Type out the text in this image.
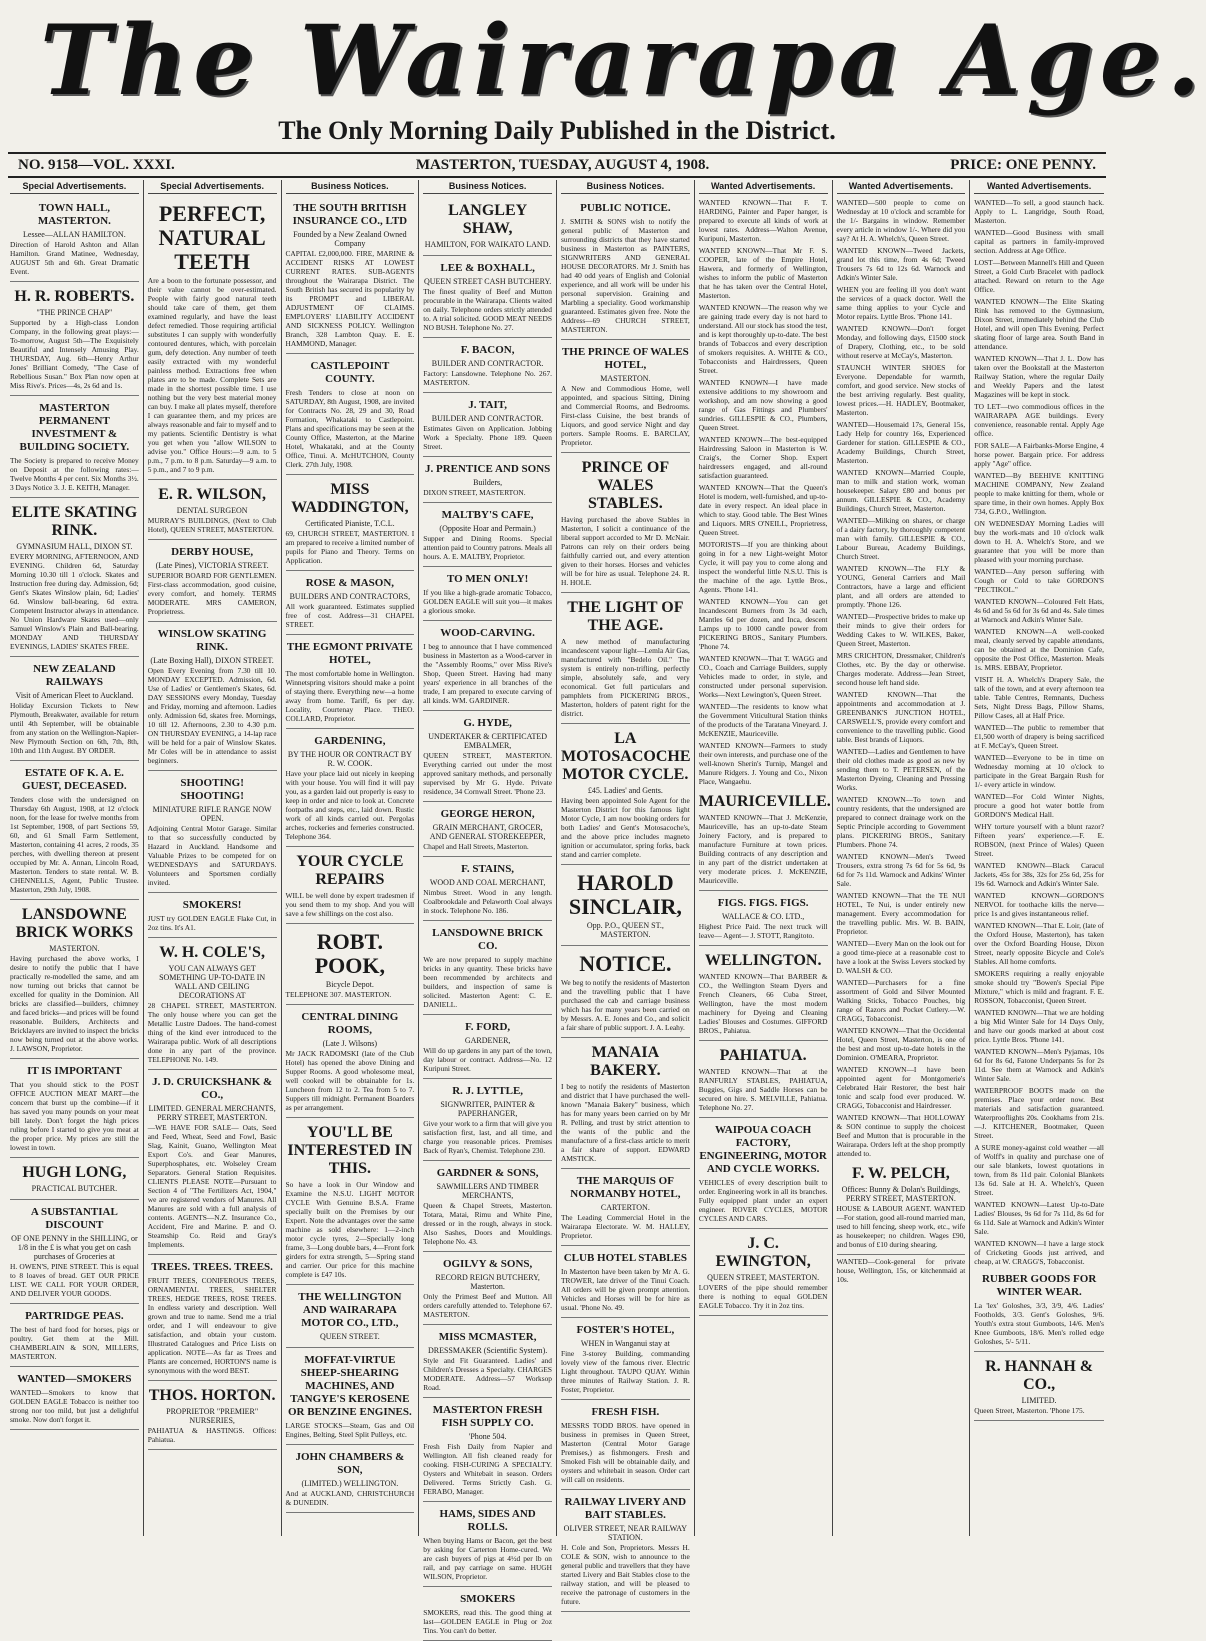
The Wairarapa Age.
The Only Morning Daily Published in the District.
NO. 9158—VOL. XXXI.	MASTERTON, TUESDAY, AUGUST 4, 1908.	PRICE: ONE PENNY.
Special Advertisements.
TOWN HALL, MASTERTON.
Lessee—ALLAN HAMILTON.
Direction of Harold Ashton and Allan Hamilton. Grand Matinee, Wednesday, AUGUST 5th and 6th. Great Dramatic Event.
H. R. ROBERTS.
"THE PRINCE CHAP"
Supported by a High-class London Company, in the following great plays:— To-morrow, August 5th—The Exquisitely Beautiful and Intensely Amusing Play. THURSDAY, Aug. 6th—Henry Arthur Jones' Brilliant Comedy, "The Case of Rebellious Susan." Box Plan now open at Miss Rive's. Prices—4s, 2s 6d and 1s.
MASTERTON PERMANENT INVESTMENT & BUILDING SOCIETY.
The Society is prepared to receive Money on Deposit at the following rates:— Twelve Months 4 per cent. Six Months 3½. 3 Days Notice 3. J. E. KEITH, Manager.
ELITE SKATING RINK.
GYMNASIUM HALL, DIXON ST.
EVERY MORNING, AFTERNOON, AND EVENING. Children 6d, Saturday Morning 10.30 till 1 o'clock. Skates and Instruction free during day. Admission, 6d; Gent's Skates Winslow plain, 6d; Ladies' 6d. Winslow ball-bearing, 6d extra. Competent Instructor always in attendance. No Union Hardware Skates used—only Samuel Winslow's Plain and Ball-bearing. MONDAY AND THURSDAY EVENINGS, LADIES' SKATES FREE.
NEW ZEALAND RAILWAYS
Visit of American Fleet to Auckland.
Holiday Excursion Tickets to New Plymouth, Breakwater, available for return until 4th September, will be obtainable from any station on the Wellington-Napier-New Plymouth Section on 6th, 7th, 8th, 10th and 11th August. BY ORDER.
ESTATE OF K. A. E. GUEST, DECEASED.
Tenders close with the undersigned on Thursday 6th August, 1908, at 12 o'clock noon, for the lease for twelve months from 1st September, 1908, of part Sections 59, 60, and 61 Small Farm Settlement, Masterton, containing 41 acres, 2 roods, 35 perches, with dwelling thereon at present occupied by Mr. A. Annan, Lincoln Road, Masterton. Tenders to state rental. W. B. CHENNELLS, Agent, Public Trustee. Masterton, 29th July, 1908.
LANSDOWNE BRICK WORKS
MASTERTON.
Having purchased the above works, I desire to notify the public that I have practically re-modelled the same, and am now turning out bricks that cannot be excelled for quality in the Dominion. All bricks are classified—builders, chimney and faced bricks—and prices will be found reasonable. Builders, Architects and Bricklayers are invited to inspect the bricks now being turned out at the above works. J. LAWSON, Proprietor.
IT IS IMPORTANT
That you should stick to the POST OFFICE AUCTION MEAT MART—the concern that burst up the combine—if it has saved you many pounds on your meat bill lately. Don't forget the high prices ruling before I started to give you meat at the proper price. My prices are still the lowest in town.
HUGH LONG,
PRACTICAL BUTCHER.
A SUBSTANTIAL DISCOUNT
OF ONE PENNY in the SHILLING, or 1/8 in the £ is what you get on cash purchases of Groceries at
H. OWEN'S, PINE STREET. This is equal to 8 loaves of bread. GET OUR PRICE LIST. WE CALL FOR YOUR ORDER, AND DELIVER YOUR GOODS.
PARTRIDGE PEAS.
The best of hard food for horses, pigs or poultry. Get them at the Mill. CHAMBERLAIN & SON, MILLERS, MASTERTON.
WANTED—SMOKERS
WANTED—Smokers to know that GOLDEN EAGLE Tobacco is neither too strong nor too mild, but just a delightful smoke. Now don't forget it.
Special Advertisements.
PERFECT, NATURAL TEETH
Are a boon to the fortunate possessor, and their value cannot be over-estimated. People with fairly good natural teeth should take care of them, get them examined regularly, and have the least defect remedied. Those requiring artificial substitutes I can supply with wonderfully contoured dentures, which, with porcelain gum, defy detection. Any number of teeth easily extracted with my wonderful painless method. Extractions free when plates are to be made. Complete Sets are made in the shortest possible time. I use nothing but the very best material money can buy. I make all plates myself, therefore I can guarantee them, and my prices are always reasonable and fair to myself and to my patients. Scientific Dentistry is what you get when you "allow WILSON to advise you." Office Hours:—9 a.m. to 5 p.m., 7 p.m. to 8 p.m. Saturday—9 a.m. to 5 p.m., and 7 to 9 p.m.
E. R. WILSON,
DENTAL SURGEON
MURRAY'S BUILDINGS, (Next to Club Hotel), QUEEN STREET, MASTERTON.
DERBY HOUSE,
(Late Pines), VICTORIA STREET.
SUPERIOR BOARD FOR GENTLEMEN. First-class accommodation, good cuisine, every comfort, and homely. TERMS MODERATE. MRS CAMERON, Proprietress.
WINSLOW SKATING RINK.
(Late Boxing Hall), DIXON STREET.
Open Every Evening from 7.30 till 10. MONDAY EXCEPTED. Admission, 6d. Use of Ladies' or Gentlemen's Skates, 6d. DAY SESSIONS every Monday, Tuesday and Friday, morning and afternoon. Ladies only. Admission 6d, skates free. Mornings, 10 till 12. Afternoons, 2.30 to 4.30 p.m. ON THURSDAY EVENING, a 14-lap race will be held for a pair of Winslow Skates. Mr Coles will be in attendance to assist beginners.
SHOOTING! SHOOTING!
MINIATURE RIFLE RANGE NOW OPEN.
Adjoining Central Motor Garage. Similar to that so successfully conducted by Hazard in Auckland. Handsome and Valuable Prizes to be competed for on WEDNESDAYS and SATURDAYS. Volunteers and Sportsmen cordially invited.
SMOKERS!
JUST try GOLDEN EAGLE Flake Cut, in 2oz tins. It's A1.
W. H. COLE'S,
YOU CAN ALWAYS GET SOMETHING UP-TO-DATE IN WALL AND CEILING DECORATIONS AT
28 CHAPEL STREET, MASTERTON. The only house where you can get the Metallic Lustre Dadoes. The hand-comest thing of the kind ever introduced to the Wairarapa public. Work of all descriptions done in any part of the province. TELEPHONE No. 149.
J. D. CRUICKSHANK & CO.,
LIMITED. GENERAL MERCHANTS, PERRY STREET, MASTERTON.
—WE HAVE FOR SALE— Oats, Seed and Feed, Wheat, Seed and Fowl, Basic Slag, Kainit, Guano, Wellington Meat Export Co's. and Gear Manures, Superphosphates, etc. Wolseley Cream Separators. General Station Requisites. CLIENTS PLEASE NOTE—Pursuant to Section 4 of "The Fertilizers Act, 1904," we are registered vendors of Manures. All Manures are sold with a full analysis of contents. AGENTS—N.Z. Insurance Co., Accident, Fire and Marine. P. and O. Steamship Co. Reid and Gray's Implements.
TREES. TREES. TREES.
FRUIT TREES, CONIFEROUS TREES, ORNAMENTAL TREES, SHELTER TREES, HEDGE TREES, ROSE TREES. In endless variety and description. Well grown and true to name. Send me a trial order, and I will endeavour to give satisfaction, and obtain your custom. Illustrated Catalogues and Price Lists on application. NOTE—As far as Trees and Plants are concerned, HORTON'S name is synonymous with the word BEST.
THOS. HORTON.
PROPRIETOR "PREMIER" NURSERIES,
PAHIATUA & HASTINGS. Offices: Pahiatua.
Business Notices.
THE SOUTH BRITISH INSURANCE CO., LTD
Founded by a New Zealand Owned Company
CAPITAL £2,000,000. FIRE, MARINE & ACCIDENT RISKS AT LOWEST CURRENT RATES. SUB-AGENTS throughout the Wairarapa District. The South British has secured its popularity by its PROMPT and LIBERAL ADJUSTMENT OF CLAIMS. EMPLOYERS' LIABILITY ACCIDENT AND SICKNESS POLICY. Wellington Branch, 328 Lambton Quay. E. E. HAMMOND, Manager.
CASTLEPOINT COUNTY.
Fresh Tenders to close at noon on SATURDAY, 8th August, 1908, are invited for Contracts No. 28, 29 and 30, Road Formation, Whakataki to Castlepoint. Plans and specifications may be seen at the County Office, Masterton, at the Marine Hotel, Whakataki, and at the County Office, Tinui. A. McHUTCHON, County Clerk. 27th July, 1908.
MISS WADDINGTON,
Certificated Pianiste, T.C.L.
69, CHURCH STREET, MASTERTON. I am prepared to receive a limited number of pupils for Piano and Theory. Terms on Application.
ROSE & MASON,
BUILDERS AND CONTRACTORS,
All work guaranteed. Estimates supplied free of cost. Address—31 CHAPEL STREET.
THE EGMONT PRIVATE HOTEL,
The most comfortable home in Wellington. Winnetspring visitors should make a point of staying there. Everything new—a home away from home. Tariff, 6s per day. Locality, Courtenay Place. THEO. COLLARD, Proprietor.
GARDENING,
BY THE HOUR OR CONTRACT BY R. W. COOK.
Have your place laid out nicely in keeping with your house. You will find it will pay you, as a garden laid out properly is easy to keep in order and nice to look at. Concrete footpaths and steps, etc., laid down. Rustic work of all kinds carried out. Pergolas arches, rockeries and ferneries constructed. Telephone 364.
YOUR CYCLE REPAIRS
WILL be well done by expert tradesmen if you send them to my shop. And you will save a few shillings on the cost also.
ROBT. POOK,
Bicycle Depot.
TELEPHONE 307. MASTERTON.
CENTRAL DINING ROOMS,
(Late J. Wilsons)
Mr JACK RADOMSKI (late of the Club Hotel) has opened the above Dining and Supper Rooms. A good wholesome meal, well cooked will be obtainable for 1s. Luncheon from 12 to 2. Tea from 5 to 7. Suppers till midnight. Permanent Boarders as per arrangement.
YOU'LL BE INTERESTED IN THIS.
So have a look in Our Window and Examine the N.S.U. LIGHT MOTOR CYCLE With Genuine B.S.A. Frame specially built on the Premises by our Expert. Note the advantages over the same machine as sold elsewhere: 1—2-inch motor cycle tyres, 2—Specially long frame, 3—Long double bars, 4—Front fork girders for extra strength, 5—Spring stand and carrier. Our price for this machine complete is £47 10s.
THE WELLINGTON AND WAIRARAPA MOTOR CO., LTD.,
QUEEN STREET.
MOFFAT-VIRTUE SHEEP-SHEARING MACHINES, AND TANGYE'S KEROSENE OR BENZINE ENGINES.
LARGE STOCKS—Steam, Gas and Oil Engines, Belting, Steel Split Pulleys, etc.
JOHN CHAMBERS & SON,
(LIMITED.) WELLINGTON.
And at AUCKLAND, CHRISTCHURCH & DUNEDIN.
Business Notices.
LANGLEY SHAW,
HAMILTON, FOR WAIKATO LAND.
LEE & BOXHALL,
QUEEN STREET CASH BUTCHERY.
The finest quality of Beef and Mutton procurable in the Wairarapa. Clients waited on daily. Telephone orders strictly attended to. A trial solicited. GOOD MEAT NEEDS NO BUSH. Telephone No. 27.
F. BACON,
BUILDER AND CONTRACTOR.
Factory: Lansdowne. Telephone No. 267. MASTERTON.
J. TAIT,
BUILDER AND CONTRACTOR.
Estimates Given on Application. Jobbing Work a Specialty. Phone 189. Queen Street.
J. PRENTICE AND SONS
Builders,
DIXON STREET, MASTERTON.
MALTBY'S CAFE,
(Opposite Hoar and Permain.)
Supper and Dining Rooms. Special attention paid to Country patrons. Meals all hours. A. E. MALTBY, Proprietor.
TO MEN ONLY!
If you like a high-grade aromatic Tobacco, GOLDEN EAGLE will suit you—it makes a glorious smoke.
WOOD-CARVING.
I beg to announce that I have commenced business in Masterton as a Wood-carver in the "Assembly Rooms," over Miss Rive's Shop, Queen Street. Having had many years' experience in all branches of the trade, I am prepared to execute carving of all kinds. WM. GARDINER.
G. HYDE,
UNDERTAKER & CERTIFICATED EMBALMER,
QUEEN STREET, MASTERTON. Everything carried out under the most approved sanitary methods, and personally supervised by Mr G. Hyde. Private residence, 34 Cornwall Street. 'Phone 23.
GEORGE HERON,
GRAIN MERCHANT, GROCER, AND GENERAL STOREKEEPER,
Chapel and Hall Streets, Masterton.
F. STAINS,
WOOD AND COAL MERCHANT,
Nimbus Street. Wood in any length. Coalbrookdale and Pelaworth Coal always in stock. Telephone No. 186.
LANSDOWNE BRICK CO.
We are now prepared to supply machine bricks in any quantity. These bricks have been recommended by architects and builders, and inspection of same is solicited. Masterton Agent: C. E. DANIELL.
F. FORD,
GARDENER,
Will do up gardens in any part of the town, day labour or contract. Address—No. 12 Kuripuni Street.
R. J. LYTTLE,
SIGNWRITER, PAINTER & PAPERHANGER,
Give your work to a firm that will give you satisfaction first, last, and all time, and charge you reasonable prices. Premises Back of Ryan's, Chemist. Telephone 230.
GARDNER & SONS,
SAWMILLERS AND TIMBER MERCHANTS,
Queen & Chapel Streets, Masterton. Totara, Matai, Rimu and White Pine, dressed or in the rough, always in stock. Also Sashes, Doors and Mouldings. Telephone No. 43.
OGILVY & SONS,
RECORD REIGN BUTCHERY, Masterton.
Only the Primest Beef and Mutton. All orders carefully attended to. Telephone 67. MASTERTON.
MISS MCMASTER,
DRESSMAKER (Scientific System).
Style and Fit Guaranteed. Ladies' and Children's Dresses a Specialty. CHARGES MODERATE. Address—57 Worksop Road.
MASTERTON FRESH FISH SUPPLY CO.
'Phone 504.
Fresh Fish Daily from Napier and Wellington. All fish cleaned ready for cooking. FISH-CURING A SPECIALTY. Oysters and Whitebait in season. Orders Delivered. Terms Strictly Cash. G. FERABO, Manager.
HAMS, SIDES AND ROLLS.
When buying Hams or Bacon, get the best by asking for Carterton Home-cured. We are cash buyers of pigs at 4½d per lb on rail, and pay carriage on same. HUGH WILSON, Proprietor.
SMOKERS
SMOKERS, read this. The good thing at last—GOLDEN EAGLE in Plug or 2oz Tins. You can't do better.
Business Notices.
PUBLIC NOTICE.
J. SMITH & SONS wish to notify the general public of Masterton and surrounding districts that they have started business in Masterton as PAINTERS, SIGNWRITERS AND GENERAL HOUSE DECORATORS. Mr J. Smith has had 40 odd years of English and Colonial experience, and all work will be under his personal supervision. Graining and Marbling a speciality. Good workmanship guaranteed. Estimates given free. Note the Address—69 CHURCH STREET, MASTERTON.
THE PRINCE OF WALES HOTEL,
MASTERTON.
A New and Commodious Home, well appointed, and spacious Sitting, Dining and Commercial Rooms, and Bedrooms. First-class Cuisine, the best brands of Liquors, and good service Night and day porters. Sample Rooms. E. BARCLAY, Proprietor.
PRINCE OF WALES STABLES.
Having purchased the above Stables in Masterton, I solicit a continuance of the liberal support accorded to Mr D. McNair. Patrons can rely on their orders being faithfully carried out, and every attention given to their horses. Horses and vehicles will be for hire as usual. Telephone 24. R. H. HOLE.
THE LIGHT OF THE AGE.
A new method of manufacturing incandescent vapour light—Lemla Air Gas, manufactured with "Bedelo Oil." The system is entirely non-trifling, perfectly simple, absolutely safe, and very economical. Get full particulars and pamphlets from PICKERING BROS., Masterton, holders of patent right for the district.
LA MOTOSACOCHE MOTOR CYCLE.
£45. Ladies' and Gents.
Having been appointed Sole Agent for the Masterton District for this famous light Motor Cycle, I am now booking orders for both Ladies' and Gent's Motosacoche's, and the above price includes magneto ignition or accumulator, spring forks, back stand and carrier complete.
HAROLD SINCLAIR,
Opp. P.O., QUEEN ST., MASTERTON.
NOTICE.
We beg to notify the residents of Masterton and the travelling public that I have purchased the cab and carriage business which has for many years been carried on by Messrs. A. E. Jones and Co., and solicit a fair share of public support. J. A. Leahy.
MANAIA BAKERY.
I beg to notify the residents of Masterton and district that I have purchased the well-known "Manaia Bakery" business, which has for many years been carried on by Mr R. Pelling, and trust by strict attention to the wants of the public and the manufacture of a first-class article to merit a fair share of support. EDWARD AMSTICK.
THE MARQUIS OF NORMANBY HOTEL,
CARTERTON.
The Leading Commercial Hotel in the Wairarapa Electorate. W. M. HALLEY, Proprietor.
CLUB HOTEL STABLES
In Masterton have been taken by Mr A. G. TROWER, late driver of the Tinui Coach. All orders will be given prompt attention. Vehicles and Horses will be for hire as usual. 'Phone No. 49.
FOSTER'S HOTEL,
WHEN in Wanganui stay at
Fine 3-storey Building, commanding lovely view of the famous river. Electric Light throughout. TAUPO QUAY. Within three minutes of Railway Station. J. R. Foster, Proprietor.
FRESH FISH.
MESSRS TODD BROS. have opened in business in premises in Queen Street, Masterton (Central Motor Garage Premises,) as fishmongers. Fresh and Smoked Fish will be obtainable daily, and oysters and whitebait in season. Order cart will call on residents.
RAILWAY LIVERY AND BAIT STABLES.
OLIVER STREET, NEAR RAILWAY STATION.
H. Cole and Son, Proprietors. Messrs H. COLE & SON, wish to announce to the general public and travellers that they have started Livery and Bait Stables close to the railway station, and will be pleased to receive the patronage of customers in the future.
Wanted Advertisements.
WANTED KNOWN—That F. T. HARDING, Painter and Paper hanger, is prepared to execute all kinds of work at lowest rates. Address—Walton Avenue, Kuripuni, Masterton.
WANTED KNOWN—That Mr F. S. COOPER, late of the Empire Hotel, Hawera, and formerly of Wellington, wishes to inform the public of Masterton that he has taken over the Central Hotel, Masterton.
WANTED KNOWN—The reason why we are gaining trade every day is not hard to understand. All our stock has stood the test, and is kept thoroughly up-to-date. The best brands of Tobaccos and every description of smokers requisites. A. WHITE & CO., Tobacconists and Hairdressers, Queen Street.
WANTED KNOWN—I have made extensive additions to my showroom and workshop, and am now showing a good range of Gas Fittings and Plumbers' sundries. GILLESPIE & CO., Plumbers, Queen Street.
WANTED KNOWN—The best-equipped Hairdressing Saloon in Masterton is W. Craig's, the Corner Shop. Expert hairdressers engaged, and all-round satisfaction guaranteed.
WANTED KNOWN—That the Queen's Hotel is modern, well-furnished, and up-to-date in every respect. An ideal place in which to stay. Good table. The Best Wines and Liquors. MRS O'NEILL, Proprietress, Queen Street.
MOTORISTS—If you are thinking about going in for a new Light-weight Motor Cycle, it will pay you to come along and inspect the wonderful little N.S.U. This is the machine of the age. Lyttle Bros., Agents. 'Phone 141.
WANTED KNOWN—You can get Incandescent Burners from 3s 3d each, Mantles 6d per dozen, and Inca, descent Lamps up to 1000 candle power from PICKERING BROS., Sanitary Plumbers. 'Phone 74.
WANTED KNOWN—That T. WAGG and CO., Coach and Carriage Builders, supply Vehicles made to order, in style, and constructed under personal supervision. Works—Next Lewington's, Queen Street.
WANTED—The residents to know what the Government Viticultural Station thinks of the products of the Taratana Vineyard. J. McKENZIE, Mauriceville.
WANTED KNOWN—Farmers to study their own interests, and purchase one of the well-known Sherin's Turnip, Mangel and Manure Ridgers. J. Young and Co., Nixon Place, Wangaehu.
MAURICEVILLE.
WANTED KNOWN—That J. McKenzie, Mauriceville, has an up-to-date Steam Joinery Factory, and is prepared to manufacture Furniture at town prices. Building contracts of any description and in any part of the district undertaken at very moderate prices. J. McKENZIE, Mauriceville.
FIGS. FIGS. FIGS.
WALLACE & CO. LTD.,
Highest Price Paid. The next truck will leave— Agent— J. STOTT, Rangitoto.
WELLINGTON.
WANTED KNOWN—That BARBER & CO., the Wellington Steam Dyers and French Cleaners, 66 Cuba Street, Wellington, have the most modern machinery for Dyeing and Cleaning Ladies' Blouses and Costumes. GIFFORD BROS., Pahiatua.
PAHIATUA.
WANTED KNOWN—That at the RANFURLY STABLES, PAHIATUA, Buggies, Gigs and Saddle Horses can be secured on hire. S. MELVILLE, Pahiatua. Telephone No. 27.
WAIPOUA COACH FACTORY, ENGINEERING, MOTOR AND CYCLE WORKS.
VEHICLES of every description built to order. Engineering work in all its branches. Fully equipped plant under an expert engineer. ROVER CYCLES, MOTOR CYCLES AND CARS.
J. C. EWINGTON,
QUEEN STREET, MASTERTON.
LOVERS of the pipe should remember there is nothing to equal GOLDEN EAGLE Tobacco. Try it in 2oz tins.
Wanted Advertisements.
WANTED—500 people to come on Wednesday at 10 o'clock and scramble for the 1/- Bargains in window. Remember every article in window 1/-. Where did you say? At H. A. Whelch's, Queen Street.
WANTED KNOWN—Tweed Jackets, grand lot this time, from 4s 6d; Tweed Trousers 7s 6d to 12s 6d. Warnock and Adkin's Winter Sale.
WHEN you are feeling ill you don't want the services of a quack doctor. Well the same thing applies to your Cycle and Motor repairs. Lyttle Bros. 'Phone 141.
WANTED KNOWN—Don't forget Monday, and following days, £1500 stock of Drapery, Clothing, etc., to be sold without reserve at McCay's, Masterton.
STAUNCH WINTER SHOES for Everyone. Dependable for warmth, comfort, and good service. New stocks of the best arriving regularly. Best quality, lowest prices.—H. HADLEY, Bootmaker, Masterton.
WANTED—Housemaid 17s, General 15s, Lady Help for country 16s, Experienced Gardener for station. GILLESPIE & CO., Academy Buildings, Church Street, Masterton.
WANTED KNOWN—Married Couple, man to milk and station work, woman housekeeper. Salary £80 and bonus per annum. GILLESPIE & CO., Academy Buildings, Church Street, Masterton.
WANTED—Milking on shares, or charge of a dairy factory, by thoroughly competent man with family. GILLESPIE & CO., Labour Bureau, Academy Buildings, Church Street.
WANTED KNOWN—The FLY & YOUNG, General Carriers and Mail Contractors, have a large and efficient plant, and all orders are attended to promptly. 'Phone 126.
WANTED—Prospective brides to make up their minds to give their orders for Wedding Cakes to W. WILKES, Baker, Queen Street, Masterton.
MRS CRICHTON, Dressmaker, Children's Clothes, etc. By the day or otherwise. Charges moderate. Address—Jean Street, second house left hand side.
WANTED KNOWN—That the appointments and accommodation at J. GREENBANK'S JUNCTION HOTEL, CARSWELL'S, provide every comfort and convenience to the travelling public. Good table. Best brands of Liquors.
WANTED—Ladies and Gentlemen to have their old clothes made as good as new by sending them to T. PETERSEN, of the Masterton Dyeing, Cleaning and Pressing Works.
WANTED KNOWN—To town and country residents, that the undersigned are prepared to connect drainage work on the Septic Principle according to Government plans. PICKERING BROS., Sanitary Plumbers. Phone 74.
WANTED KNOWN—Men's Tweed Trousers, extra strong 7s 6d for 5s 6d, 9s 6d for 7s 11d. Warnock and Adkins' Winter Sale.
WANTED KNOWN—That the TE NUI HOTEL, Te Nui, is under entirely new management. Every accommodation for the travelling public. Mrs. W. B. BAIN, Proprietor.
WANTED—Every Man on the look out for a good time-piece at a reasonable cost to have a look at the Swiss Levers stocked by D. WALSH & CO.
WANTED—Purchasers for a fine assortment of Gold and Silver Mounted Walking Sticks, Tobacco Pouches, big range of Razors and Pocket Cutlery.—W. CRAGG, Tobacconist.
WANTED KNOWN—That the Occidental Hotel, Queen Street, Masterton, is one of the best and most up-to-date hotels in the Dominion. O'MEARA, Proprietor.
WANTED KNOWN—I have been appointed agent for Montgomerie's Celebrated Hair Restorer, the best hair tonic and scalp food ever produced. W. CRAGG, Tobacconist and Hairdresser.
WANTED KNOWN—That HOLLOWAY & SON continue to supply the choicest Beef and Mutton that is procurable in the Wairarapa. Orders left at the shop promptly attended to.
F. W. PELCH,
Offices: Bunny & Dolan's Buildings, PERRY STREET, MASTERTON.
HOUSE & LABOUR AGENT. WANTED—For station, good all-round married man, used to hill fencing, sheep work, etc., wife as housekeeper; no children. Wages £90, and bonus of £10 during shearing.
WANTED—Cook-general for private house, Wellington, 15s, or kitchenmaid at 10s.
Wanted Advertisements.
WANTED—To sell, a good staunch hack. Apply to L. Langridge, South Road, Masterton.
WANTED—Good Business with small capital as partners in family-improved section. Address at Age Office.
LOST—Between Mannell's Hill and Queen Street, a Gold Curb Bracelet with padlock attached. Reward on return to the Age Office.
WANTED KNOWN—The Elite Skating Rink has removed to the Gymnasium, Dixon Street, immediately behind the Club Hotel, and will open This Evening. Perfect skating floor of large area. South Band in attendance.
WANTED KNOWN—That J. L. Dow has taken over the Bookstall at the Masterton Railway Station, where the regular Daily and Weekly Papers and the latest Magazines will be kept in stock.
TO LET—two commodious offices in the WAIRARAPA AGE buildings. Every convenience, reasonable rental. Apply Age office.
FOR SALE—A Fairbanks-Morse Engine, 4 horse power. Bargain price. For address apply "Age" office.
WANTED—By BEEHIVE KNITTING MACHINE COMPANY, New Zealand people to make knitting for them, whole or spare time, in their own homes. Apply Box 734, G.P.O., Wellington.
ON WEDNESDAY Morning Ladies will buy the work-mats and 10 o'clock walk down to H. A. Whelch's Store, and we guarantee that you will be more than pleased with your morning purchase.
WANTED—Any person suffering with Cough or Cold to take GORDON'S "PECTIKOL."
WANTED KNOWN—Coloured Felt Hats, 4s 6d and 5s 6d for 3s 6d and 4s. Sale times at Warnock and Adkin's Winter Sale.
WANTED KNOWN—A well-cooked meal, cleanly served by capable attendants, can be obtained at the Dominion Cafe, opposite the Post Office, Masterton. Meals 1s. MRS. EBBAY, Proprietor.
VISIT H. A. Whelch's Drapery Sale, the talk of the town, and at every afternoon tea table. Table Centres, Remnants, Duchess Sets, Night Dress Bags, Pillow Shams, Pillow Cases, all at Half Price.
WANTED—The public to remember that £1,500 worth of drapery is being sacrificed at F. McCay's, Queen Street.
WANTED—Everyone to be in time on Wednesday morning at 10 o'clock to participate in the Great Bargain Rush for 1/- every article in window.
WANTED—For Cold Winter Nights, procure a good hot water bottle from GORDON'S Medical Hall.
WHY torture yourself with a blunt razor? Fifteen years' experience.—F. E. ROBSON, (next Prince of Wales) Queen Street.
WANTED KNOWN—Black Caracul Jackets, 45s for 38s, 32s for 25s 6d, 25s for 19s 6d. Warnock and Adkin's Winter Sale.
WANTED KNOWN—GORDON'S NERVOL for toothache kills the nerve—price 1s and gives instantaneous relief.
WANTED KNOWN—That E. Loir, (late of the Oxford House, Masterton), has taken over the Oxford Boarding House, Dixon Street, nearly opposite Bicycle and Cole's Stables. All home comforts.
SMOKERS requiring a really enjoyable smoke should try "Bowen's Special Pipe Mixture," which is mild and fragrant. F. E. ROSSON, Tobacconist, Queen Street.
WANTED KNOWN—That we are holding a big Mid Winter Sale for 14 Days Only, and have our goods marked at about cost price. Lyttle Bros. 'Phone 141.
WANTED KNOWN—Men's Pyjamas, 10s 6d for 8s 6d, Fatone Underpants 5s for 2s 11d. See them at Warnock and Adkin's Winter Sale.
WATERPROOF BOOTS made on the premises. Place your order now. Best materials and satisfaction guaranteed. Waterprooflights 20s. Cookhams from 21s.—J. KITCHENER, Bootmaker, Queen Street.
A SURE money-against cold weather —all of Wolff's in quality and purchase one of our sale blankets, lowest quotations in town, from 8s 11d pair. Colonial Blankets 13s 6d. Sale at H. A. Whelch's, Queen Street.
WANTED KNOWN—Latest Up-to-Date Ladies' Blouses, 9s 6d for 7s 11d, 8s 6d for 6s 11d. Sale at Warnock and Adkin's Winter Sale.
WANTED KNOWN—I have a large stock of Cricketing Goods just arrived, and cheap, at W. CRAGG'S, Tobacconist.
RUBBER GOODS FOR WINTER WEAR.
La 'lex' Goloshes, 3/3, 3/9, 4/6. Ladies' Footholds, 3/3. Gent's Goloshes, 9/6. Youth's extra stout Gumboots, 14/6. Men's Knee Gumboots, 18/6. Men's rolled edge Goloshes, 5/- 5/11.
R. HANNAH & CO.,
LIMITED.
Queen Street, Masterton. 'Phone 175.
